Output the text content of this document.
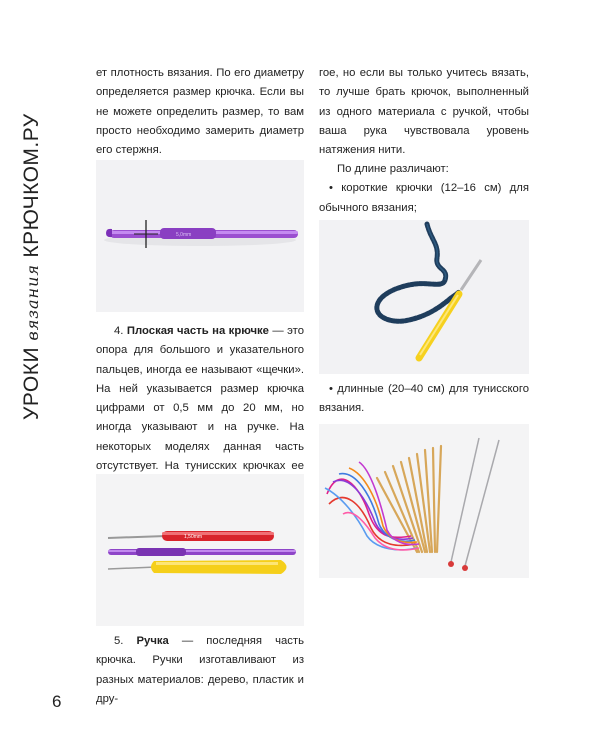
УРОКИ вязания КРЮЧКОМ.РУ
6

ет плотность вязания. По его диаметру определяется размер крючка. Если вы не можете определить размер, то вам просто необходимо замерить диаметр его стержня.

5,0mm

4. Плоская часть на крючке — это опора для большого и указательного пальцев, иногда ее называют «щечки». На ней указывается размер крючка цифрами от 0,5 мм до 20 мм, но иногда указывают и на ручке. На некоторых моделях данная часть отсутствует. На тунисских крючках ее

1,50mm

5. Ручка — последняя часть крючка. Ручки изготавливают из разных материалов: дерево, пластик и дру-

гое, но если вы только учитесь вязать, то лучше брать крючок, выполненный из одного материала с ручкой, чтобы ваша рука чувствовала уровень натяжения нити.

По длине различают:

• короткие крючки (12–16 см) для обычного вязания;

• длинные (20–40 см) для тунисского вязания.
